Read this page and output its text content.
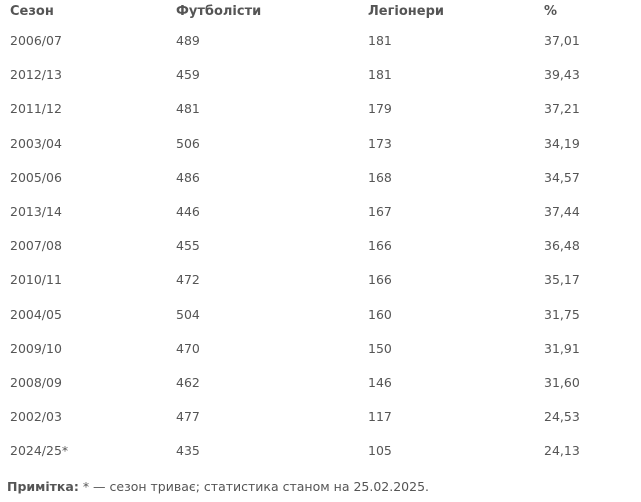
Сезон	Футболісти	Легіонери	%
2006/07	489	181	37,01
2012/13	459	181	39,43
2011/12	481	179	37,21
2003/04	506	173	34,19
2005/06	486	168	34,57
2013/14	446	167	37,44
2007/08	455	166	36,48
2010/11	472	166	35,17
2004/05	504	160	31,75
2009/10	470	150	31,91
2008/09	462	146	31,60
2002/03	477	117	24,53
2024/25*	435	105	24,13
Примітка: * — сезон триває; статистика станом на 25.02.2025.
